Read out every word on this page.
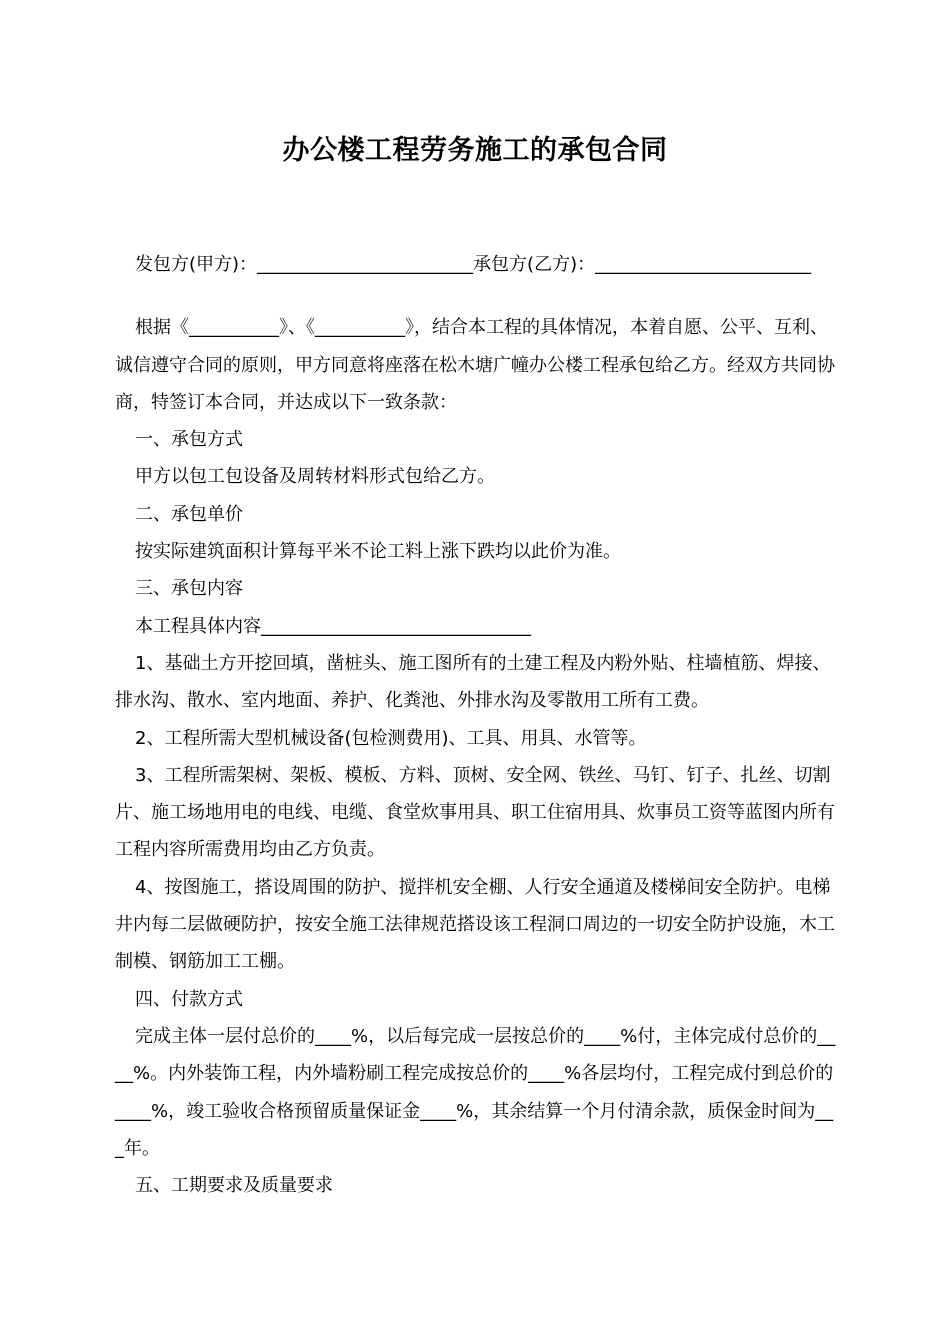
办公楼工程劳务施工的承包合同

发包方(甲方)：________________________承包方(乙方)：________________________

根据《__________》、《__________》，结合本工程的具体情况，本着自愿、公平、互利、诚信遵守合同的原则，甲方同意将座落在松木塘广幢办公楼工程承包给乙方。经双方共同协商，特签订本合同，并达成以下一致条款：

一、承包方式

甲方以包工包设备及周转材料形式包给乙方。

二、承包单价

按实际建筑面积计算每平米不论工料上涨下跌均以此价为准。

三、承包内容

本工程具体内容______________________________

1、基础土方开挖回填，凿桩头、施工图所有的土建工程及内粉外贴、柱墙植筋、焊接、排水沟、散水、室内地面、养护、化粪池、外排水沟及零散用工所有工费。

2、工程所需大型机械设备(包检测费用)、工具、用具、水管等。

3、工程所需架树、架板、模板、方料、顶树、安全网、铁丝、马钉、钉子、扎丝、切割片、施工场地用电的电线、电缆、食堂炊事用具、职工住宿用具、炊事员工资等蓝图内所有工程内容所需费用均由乙方负责。

4、按图施工，搭设周围的防护、搅拌机安全棚、人行安全通道及楼梯间安全防护。电梯井内每二层做硬防护，按安全施工法律规范搭设该工程洞口周边的一切安全防护设施，木工制模、钢筋加工工棚。

四、付款方式

完成主体一层付总价的____%，以后每完成一层按总价的____%付，主体完成付总价的____%。内外装饰工程，内外墙粉刷工程完成按总价的____%各层均付，工程完成付到总价的____%，竣工验收合格预留质量保证金____%，其余结算一个月付清余款，质保金时间为___年。

五、工期要求及质量要求
